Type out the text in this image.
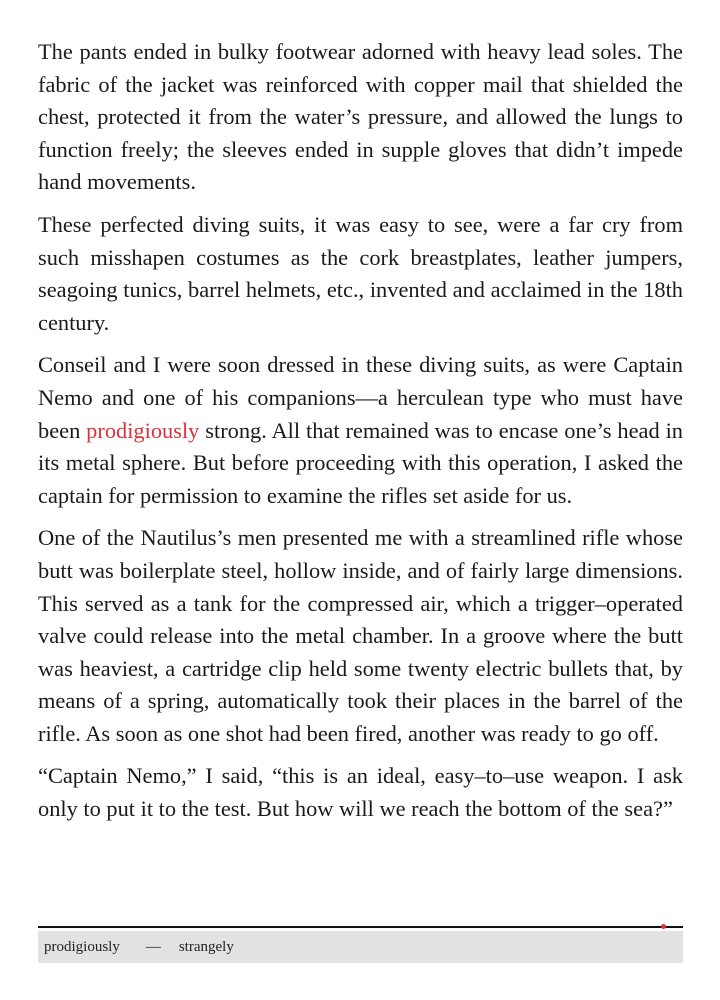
The pants ended in bulky footwear adorned with heavy lead soles. The fabric of the jacket was reinforced with copper mail that shielded the chest, protected it from the water’s pressure, and allowed the lungs to function freely; the sleeves ended in supple gloves that didn’t impede hand movements.

These perfected diving suits, it was easy to see, were a far cry from such misshapen costumes as the cork breastplates, leather jumpers, seagoing tunics, barrel helmets, etc., invented and acclaimed in the 18th century.

Conseil and I were soon dressed in these diving suits, as were Captain Nemo and one of his companions—a herculean type who must have been prodigiously strong. All that remained was to encase one’s head in its metal sphere. But before proceeding with this operation, I asked the captain for permission to examine the rifles set aside for us.

One of the Nautilus’s men presented me with a streamlined rifle whose butt was boilerplate steel, hollow inside, and of fairly large dimensions. This served as a tank for the compressed air, which a trigger–operated valve could release into the metal chamber. In a groove where the butt was heaviest, a cartridge clip held some twenty electric bullets that, by means of a spring, automatically took their places in the barrel of the rifle. As soon as one shot had been fired, another was ready to go off.

“Captain Nemo,” I said, “this is an ideal, easy–to–use weapon. I ask only to put it to the test. But how will we reach the bottom of the sea?”

prodigiously — strangely
